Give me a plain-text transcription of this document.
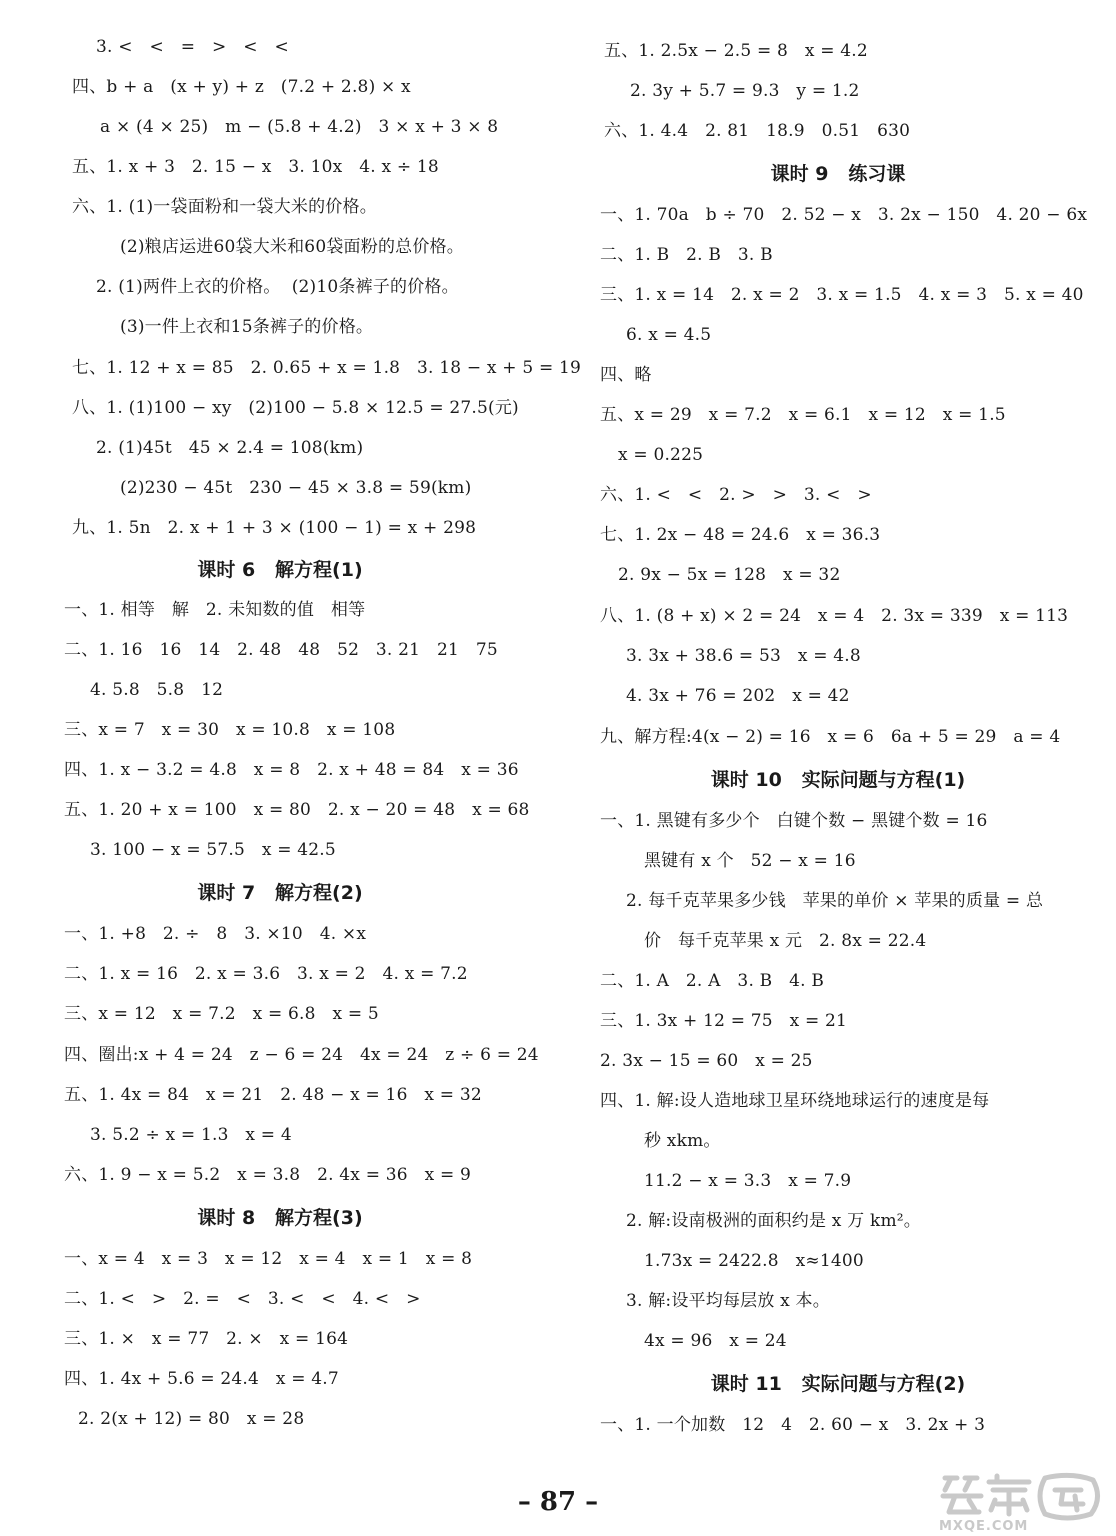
3. <   <   =   >   <   <
四、b + a   (x + y) + z   (7.2 + 2.8) × x
a × (4 × 25)   m − (5.8 + 4.2)   3 × x + 3 × 8
五、1. x + 3   2. 15 − x   3. 10x   4. x ÷ 18
六、1. (1)一袋面粉和一袋大米的价格。
(2)粮店运进60袋大米和60袋面粉的总价格。
2. (1)两件上衣的价格。  (2)10条裤子的价格。
(3)一件上衣和15条裤子的价格。
七、1. 12 + x = 85   2. 0.65 + x = 1.8   3. 18 − x + 5 = 19
八、1. (1)100 − xy   (2)100 − 5.8 × 12.5 = 27.5(元)
2. (1)45t   45 × 2.4 = 108(km)
(2)230 − 45t   230 − 45 × 3.8 = 59(km)
九、1. 5n   2. x + 1 + 3 × (100 − 1) = x + 298
课时 6   解方程(1)
一、1. 相等   解   2. 未知数的值   相等
二、1. 16   16   14   2. 48   48   52   3. 21   21   75
4. 5.8   5.8   12
三、x = 7   x = 30   x = 10.8   x = 108
四、1. x − 3.2 = 4.8   x = 8   2. x + 48 = 84   x = 36
五、1. 20 + x = 100   x = 80   2. x − 20 = 48   x = 68
3. 100 − x = 57.5   x = 42.5
课时 7   解方程(2)
一、1. +8   2. ÷   8   3. ×10   4. ×x
二、1. x = 16   2. x = 3.6   3. x = 2   4. x = 7.2
三、x = 12   x = 7.2   x = 6.8   x = 5
四、圈出:x + 4 = 24   z − 6 = 24   4x = 24   z ÷ 6 = 24
五、1. 4x = 84   x = 21   2. 48 − x = 16   x = 32
3. 5.2 ÷ x = 1.3   x = 4
六、1. 9 − x = 5.2   x = 3.8   2. 4x = 36   x = 9
课时 8   解方程(3)
一、x = 4   x = 3   x = 12   x = 4   x = 1   x = 8
二、1. <   >   2. =   <   3. <   <   4. <   >
三、1. ×   x = 77   2. ×   x = 164
四、1. 4x + 5.6 = 24.4   x = 4.7
2. 2(x + 12) = 80   x = 28
五、1. 2.5x − 2.5 = 8   x = 4.2
2. 3y + 5.7 = 9.3   y = 1.2
六、1. 4.4   2. 81   18.9   0.51   630
课时 9   练习课
一、1. 70a   b ÷ 70   2. 52 − x   3. 2x − 150   4. 20 − 6x
二、1. B   2. B   3. B
三、1. x = 14   2. x = 2   3. x = 1.5   4. x = 3   5. x = 40
6. x = 4.5
四、略
五、x = 29   x = 7.2   x = 6.1   x = 12   x = 1.5
x = 0.225
六、1. <   <   2. >   >   3. <   >
七、1. 2x − 48 = 24.6   x = 36.3
2. 9x − 5x = 128   x = 32
八、1. (8 + x) × 2 = 24   x = 4   2. 3x = 339   x = 113
3. 3x + 38.6 = 53   x = 4.8
4. 3x + 76 = 202   x = 42
九、解方程:4(x − 2) = 16   x = 6   6a + 5 = 29   a = 4
课时 10   实际问题与方程(1)
一、1. 黑键有多少个   白键个数 − 黑键个数 = 16
黑键有 x 个   52 − x = 16
2. 每千克苹果多少钱   苹果的单价 × 苹果的质量 = 总
价   每千克苹果 x 元   2. 8x = 22.4
二、1. A   2. A   3. B   4. B
三、1. 3x + 12 = 75   x = 21
2. 3x − 15 = 60   x = 25
四、1. 解:设人造地球卫星环绕地球运行的速度是每
秒 xkm。
11.2 − x = 3.3   x = 7.9
2. 解:设南极洲的面积约是 x 万 km²。
1.73x = 2422.8   x≈1400
3. 解:设平均每层放 x 本。
4x = 96   x = 24
课时 11   实际问题与方程(2)
一、1. 一个加数   12   4   2. 60 − x   3. 2x + 3
– 87 –
MXQE.COM
